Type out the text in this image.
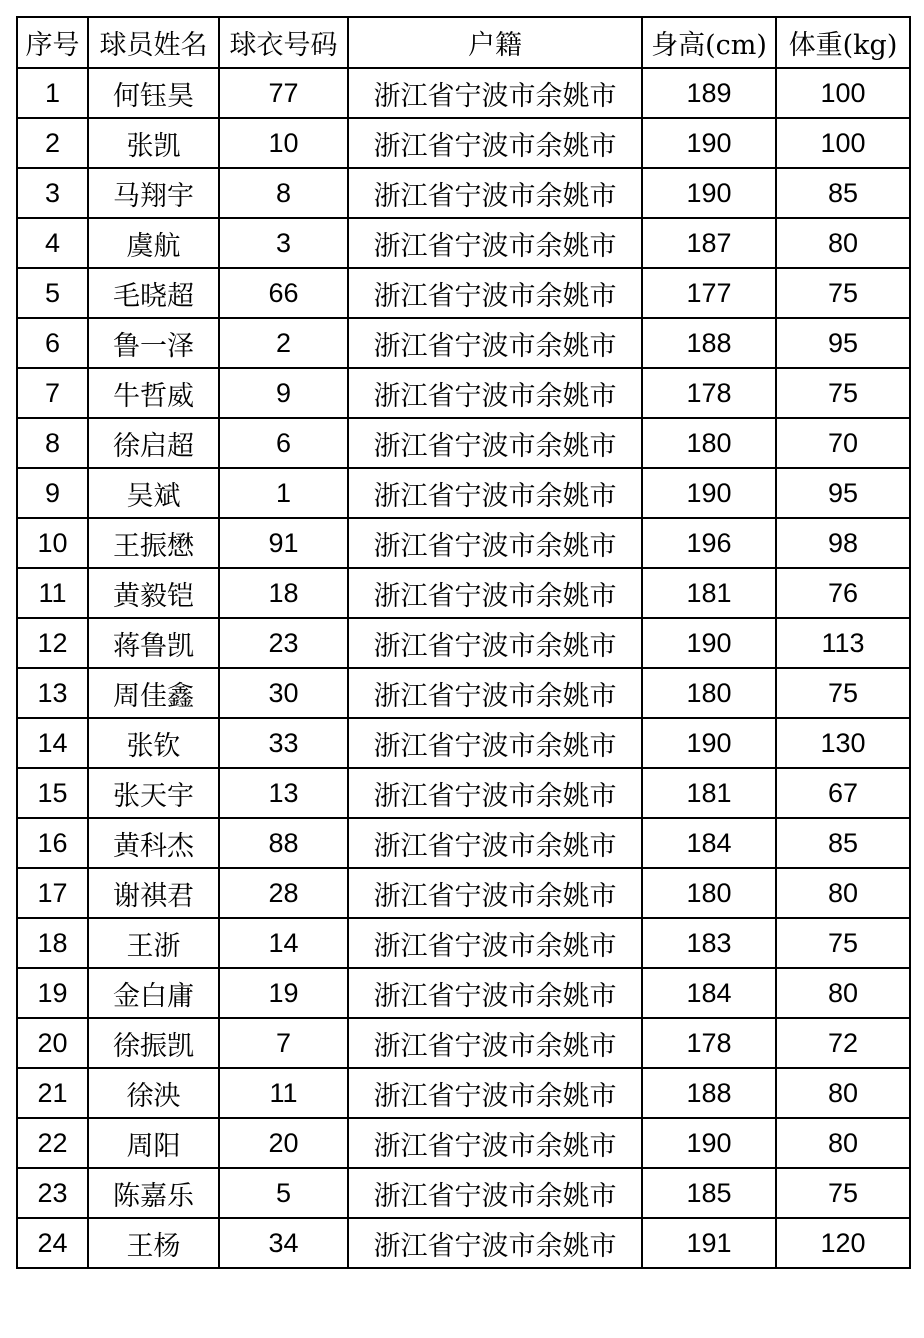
序号	球员姓名	球衣号码	户籍	身高(cm)	体重(kg)
1	何钰昊	77	浙江省宁波市余姚市	189	100
2	张凯	10	浙江省宁波市余姚市	190	100
3	马翔宇	8	浙江省宁波市余姚市	190	85
4	虞航	3	浙江省宁波市余姚市	187	80
5	毛晓超	66	浙江省宁波市余姚市	177	75
6	鲁一泽	2	浙江省宁波市余姚市	188	95
7	牛哲威	9	浙江省宁波市余姚市	178	75
8	徐启超	6	浙江省宁波市余姚市	180	70
9	吴斌	1	浙江省宁波市余姚市	190	95
10	王振懋	91	浙江省宁波市余姚市	196	98
11	黄毅铠	18	浙江省宁波市余姚市	181	76
12	蒋鲁凯	23	浙江省宁波市余姚市	190	113
13	周佳鑫	30	浙江省宁波市余姚市	180	75
14	张钦	33	浙江省宁波市余姚市	190	130
15	张天宇	13	浙江省宁波市余姚市	181	67
16	黄科杰	88	浙江省宁波市余姚市	184	85
17	谢祺君	28	浙江省宁波市余姚市	180	80
18	王浙	14	浙江省宁波市余姚市	183	75
19	金白庸	19	浙江省宁波市余姚市	184	80
20	徐振凯	7	浙江省宁波市余姚市	178	72
21	徐泱	11	浙江省宁波市余姚市	188	80
22	周阳	20	浙江省宁波市余姚市	190	80
23	陈嘉乐	5	浙江省宁波市余姚市	185	75
24	王杨	34	浙江省宁波市余姚市	191	120
